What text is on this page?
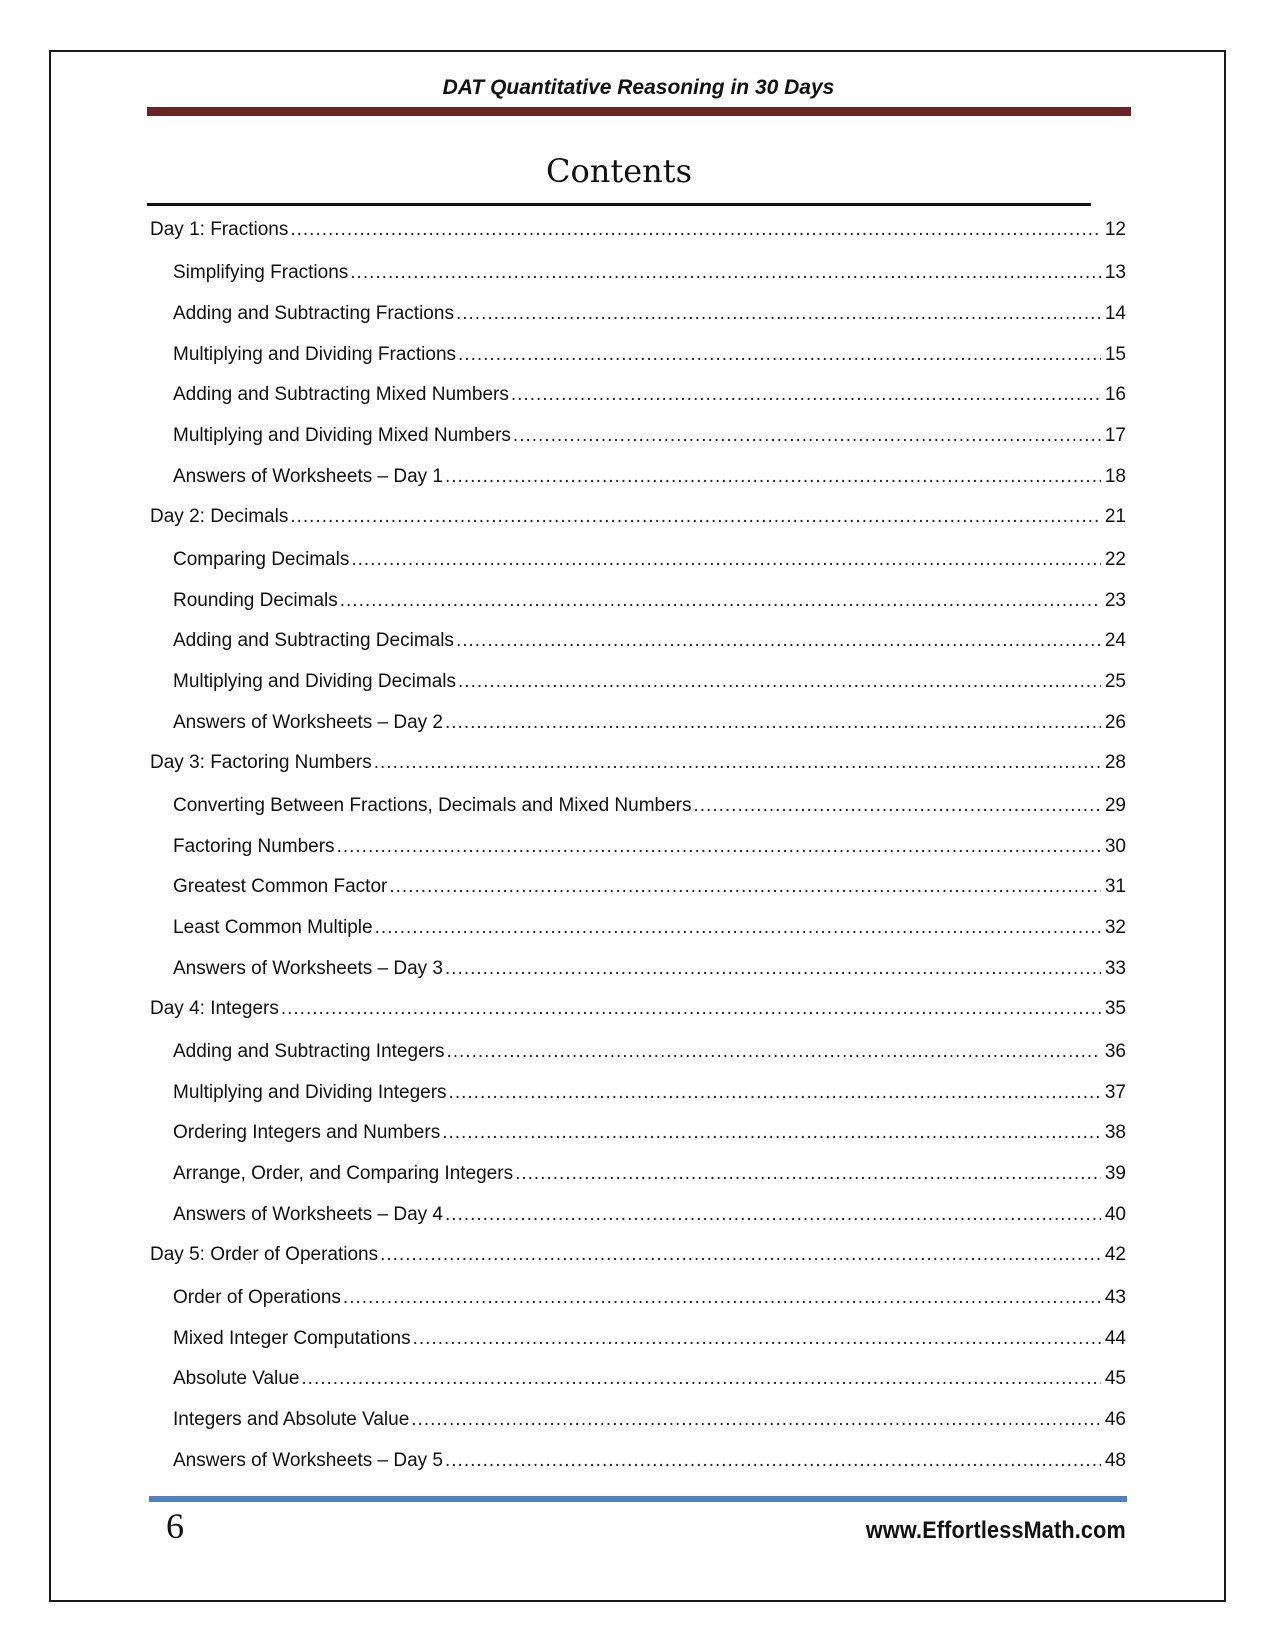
DAT Quantitative Reasoning in 30 Days
Contents
Day 1: Fractions .....	12
Simplifying Fractions .....	13
Adding and Subtracting Fractions .....	14
Multiplying and Dividing Fractions .....	15
Adding and Subtracting Mixed Numbers .....	16
Multiplying and Dividing Mixed Numbers .....	17
Answers of Worksheets – Day 1 .....	18
Day 2: Decimals .....	21
Comparing Decimals .....	22
Rounding Decimals .....	23
Adding and Subtracting Decimals .....	24
Multiplying and Dividing Decimals .....	25
Answers of Worksheets – Day 2 .....	26
Day 3: Factoring Numbers .....	28
Converting Between Fractions, Decimals and Mixed Numbers .....	29
Factoring Numbers .....	30
Greatest Common Factor .....	31
Least Common Multiple .....	32
Answers of Worksheets – Day 3 .....	33
Day 4: Integers .....	35
Adding and Subtracting Integers .....	36
Multiplying and Dividing Integers .....	37
Ordering Integers and Numbers .....	38
Arrange, Order, and Comparing Integers .....	39
Answers of Worksheets – Day 4 .....	40
Day 5: Order of Operations .....	42
Order of Operations .....	43
Mixed Integer Computations .....	44
Absolute Value .....	45
Integers and Absolute Value .....	46
Answers of Worksheets – Day 5 .....	48
6	www.EffortlessMath.com
